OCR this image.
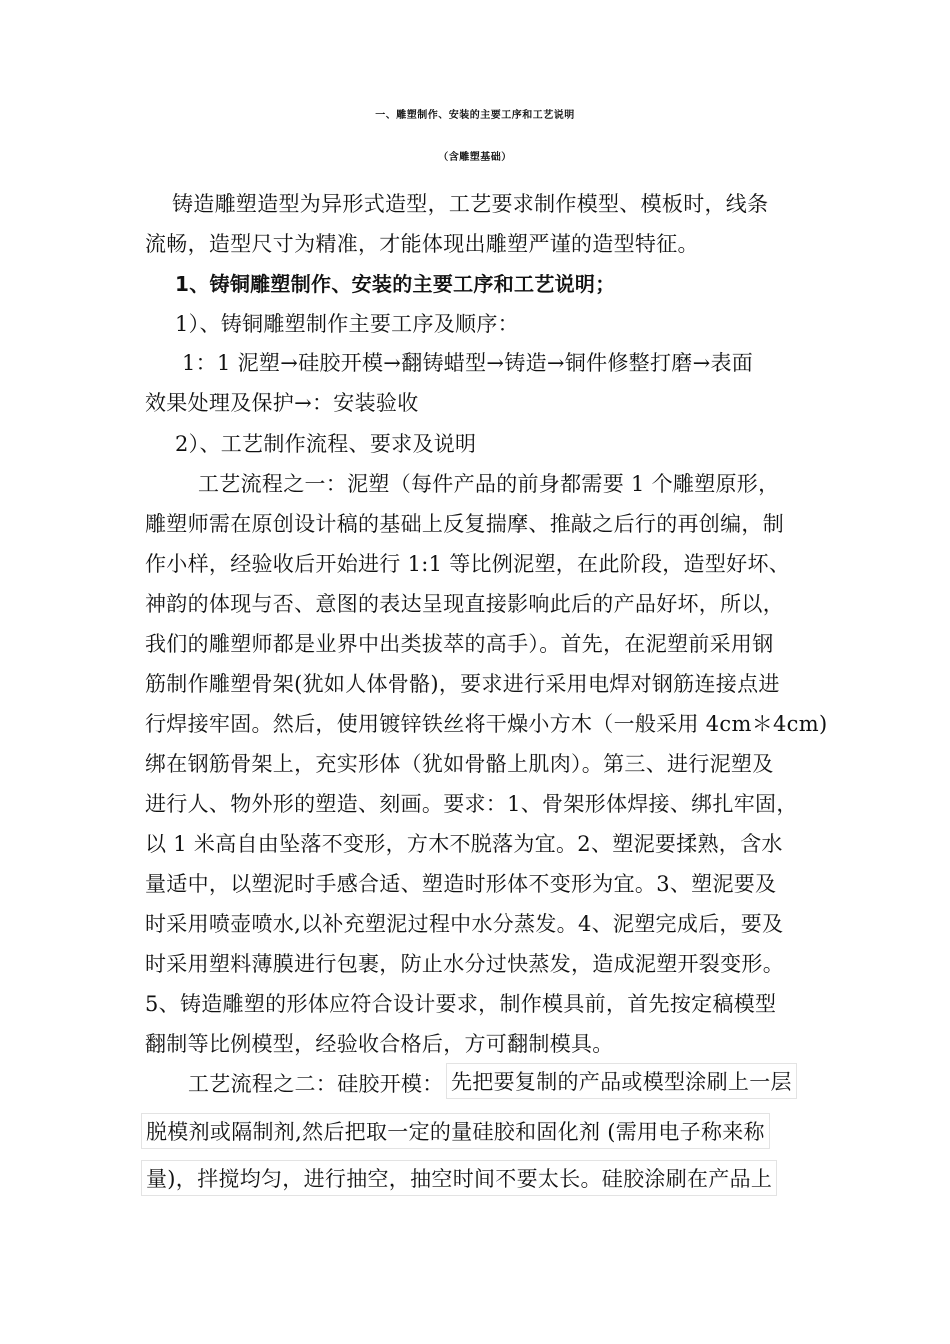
一、雕塑制作、安装的主要工序和工艺说明
（含雕塑基础）
铸造雕塑造型为异形式造型，工艺要求制作模型、模板时，线条
流畅，造型尺寸为精准，才能体现出雕塑严谨的造型特征。
1、铸铜雕塑制作、安装的主要工序和工艺说明；
1）、铸铜雕塑制作主要工序及顺序：
1：1 泥塑→硅胶开模→翻铸蜡型→铸造→铜件修整打磨→表面
效果处理及保护→：安装验收
2）、工艺制作流程、要求及说明
工艺流程之一：泥塑（每件产品的前身都需要 1 个雕塑原形，
雕塑师需在原创设计稿的基础上反复揣摩、推敲之后行的再创编，制
作小样，经验收后开始进行 1:1 等比例泥塑，在此阶段，造型好坏、
神韵的体现与否、意图的表达呈现直接影响此后的产品好坏，所以，
我们的雕塑师都是业界中出类拔萃的高手）。首先，在泥塑前采用钢
筋制作雕塑骨架(犹如人体骨骼)，要求进行采用电焊对钢筋连接点进
行焊接牢固。然后，使用镀锌铁丝将干燥小方木（一般采用 4cm＊4cm)
绑在钢筋骨架上，充实形体（犹如骨骼上肌肉）。第三、进行泥塑及
进行人、物外形的塑造、刻画。要求：1、骨架形体焊接、绑扎牢固，
以 1 米高自由坠落不变形，方木不脱落为宜。2、塑泥要揉熟，含水
量适中，以塑泥时手感合适、塑造时形体不变形为宜。3、塑泥要及
时采用喷壶喷水,以补充塑泥过程中水分蒸发。4、泥塑完成后，要及
时采用塑料薄膜进行包裹，防止水分过快蒸发，造成泥塑开裂变形。
5、铸造雕塑的形体应符合设计要求，制作模具前，首先按定稿模型
翻制等比例模型，经验收合格后，方可翻制模具。
工艺流程之二：硅胶开模： 先把要复制的产品或模型涂刷上一层
脱模剂或隔制剂,然后把取一定的量硅胶和固化剂 (需用电子称来称
量)，拌搅均匀，进行抽空，抽空时间不要太长。硅胶涂刷在产品上
